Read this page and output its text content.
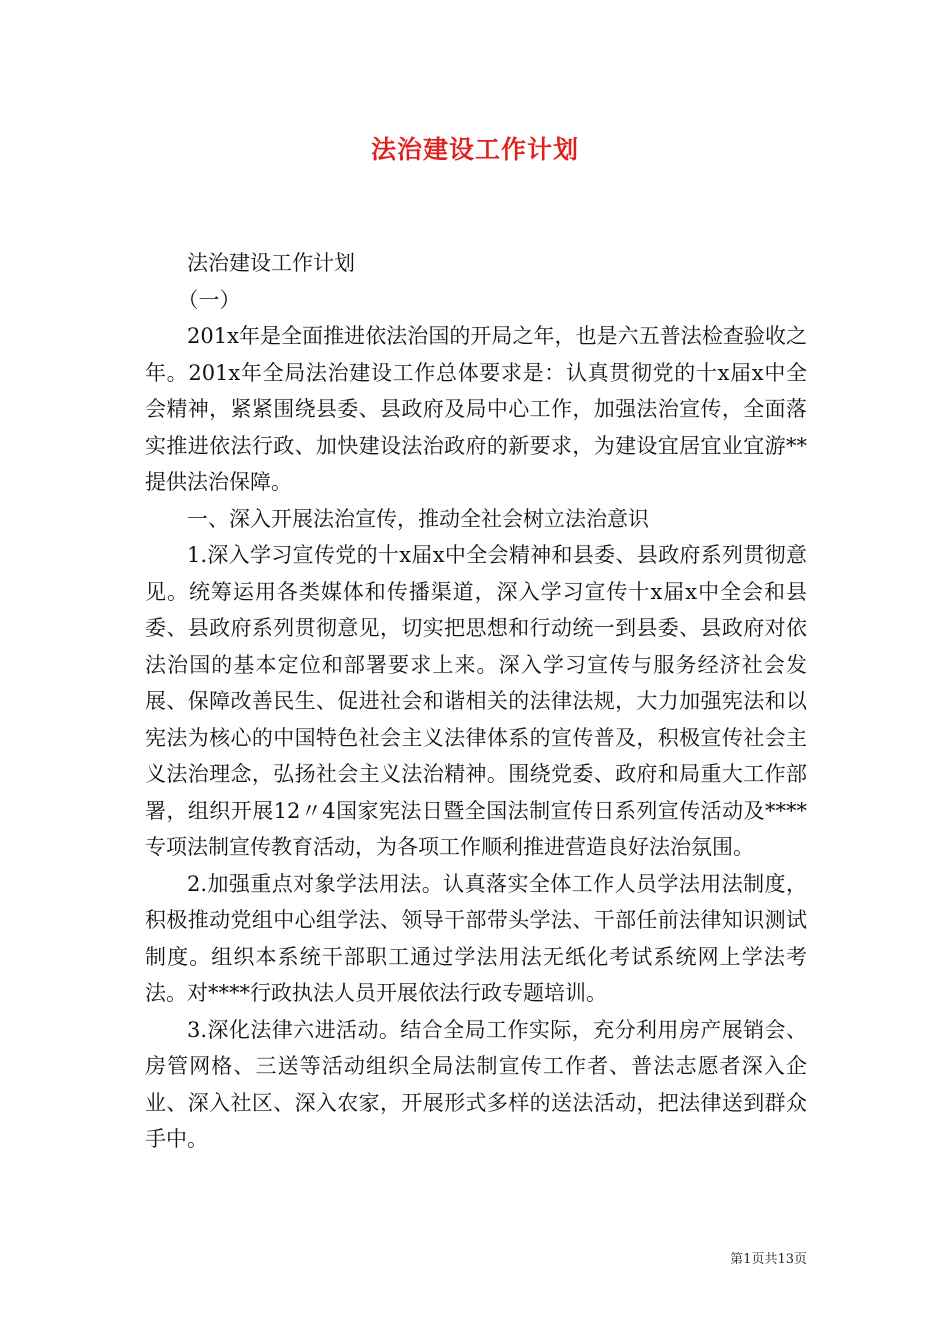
法治建设工作计划

法治建设工作计划

（一）

201x年是全面推进依法治国的开局之年，也是六五普法检查验收之年。201x年全局法治建设工作总体要求是：认真贯彻党的十x届x中全会精神，紧紧围绕县委、县政府及局中心工作，加强法治宣传，全面落实推进依法行政、加快建设法治政府的新要求，为建设宜居宜业宜游**提供法治保障。

一、深入开展法治宣传，推动全社会树立法治意识

1.深入学习宣传党的十x届x中全会精神和县委、县政府系列贯彻意见。统筹运用各类媒体和传播渠道，深入学习宣传十x届x中全会和县委、县政府系列贯彻意见，切实把思想和行动统一到县委、县政府对依法治国的基本定位和部署要求上来。深入学习宣传与服务经济社会发展、保障改善民生、促进社会和谐相关的法律法规，大力加强宪法和以宪法为核心的中国特色社会主义法律体系的宣传普及，积极宣传社会主义法治理念，弘扬社会主义法治精神。围绕党委、政府和局重大工作部署，组织开展12〃4国家宪法日暨全国法制宣传日系列宣传活动及****专项法制宣传教育活动，为各项工作顺利推进营造良好法治氛围。

2.加强重点对象学法用法。认真落实全体工作人员学法用法制度，积极推动党组中心组学法、领导干部带头学法、干部任前法律知识测试制度。组织本系统干部职工通过学法用法无纸化考试系统网上学法考法。对****行政执法人员开展依法行政专题培训。

3.深化法律六进活动。结合全局工作实际，充分利用房产展销会、房管网格、三送等活动组织全局法制宣传工作者、普法志愿者深入企业、深入社区、深入农家，开展形式多样的送法活动，把法律送到群众手中。

第1页共13页
